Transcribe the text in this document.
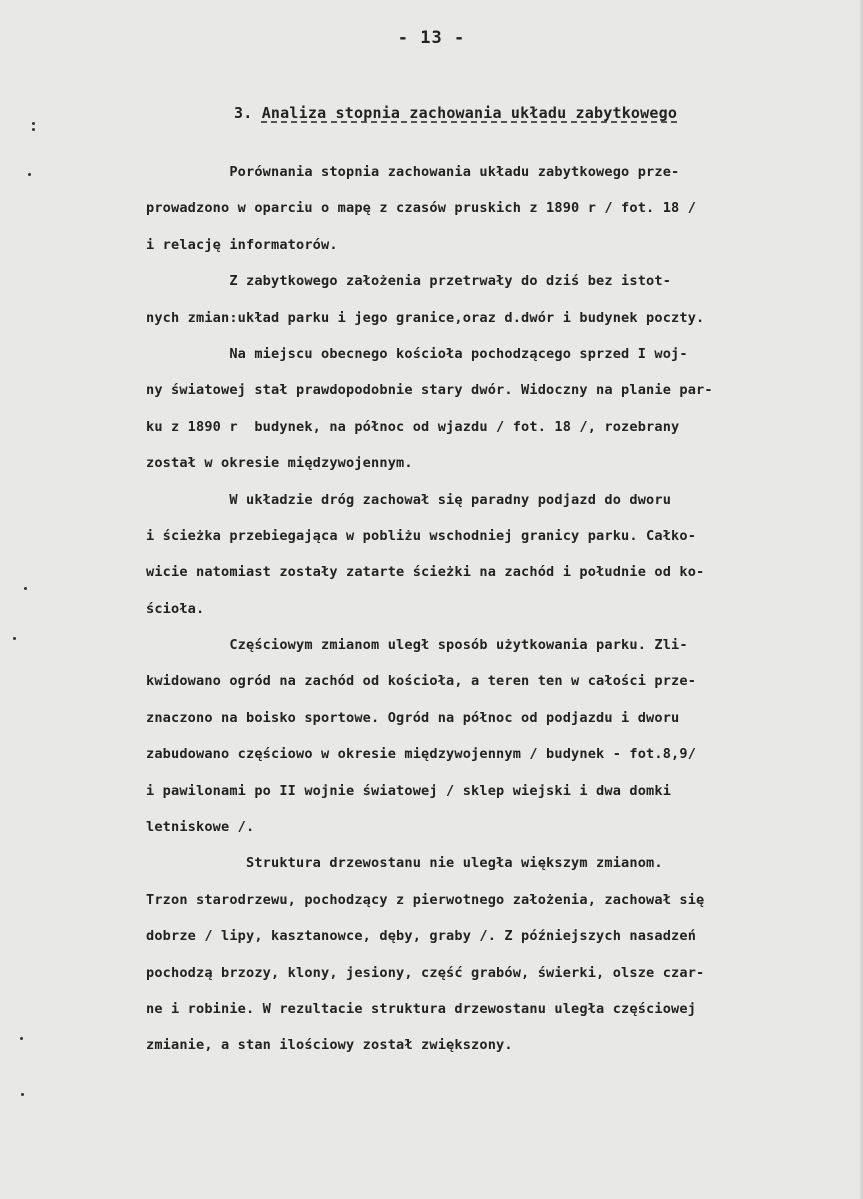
- 13 -
3. Analiza stopnia zachowania układu zabytkowego
Porównania stopnia zachowania układu zabytkowego prze-
prowadzono w oparciu o mapę z czasów pruskich z 1890 r / fot. 18 /
i relację informatorów.
Z zabytkowego założenia przetrwały do dziś bez istot-
nych zmian:układ parku i jego granice,oraz d.dwór i budynek poczty.
Na miejscu obecnego kościoła pochodzącego sprzed I woj-
ny światowej stał prawdopodobnie stary dwór. Widoczny na planie par-
ku z 1890 r  budynek, na północ od wjazdu / fot. 18 /, rozebrany
został w okresie międzywojennym.
W układzie dróg zachował się paradny podjazd do dworu
i ścieżka przebiegająca w pobliżu wschodniej granicy parku. Całko-
wicie natomiast zostały zatarte ścieżki na zachód i południe od ko-
ścioła.
Częściowym zmianom uległ sposób użytkowania parku. Zli-
kwidowano ogród na zachód od kościoła, a teren ten w całości prze-
znaczono na boisko sportowe. Ogród na północ od podjazdu i dworu
zabudowano częściowo w okresie międzywojennym / budynek - fot.8,9/
i pawilonami po II wojnie światowej / sklep wiejski i dwa domki
letniskowe /.
Struktura drzewostanu nie uległa większym zmianom.
Trzon starodrzewu, pochodzący z pierwotnego założenia, zachował się
dobrze / lipy, kasztanowce, dęby, graby /. Z późniejszych nasadzeń
pochodzą brzozy, klony, jesiony, część grabów, świerki, olsze czar-
ne i robinie. W rezultacie struktura drzewostanu uległa częściowej
zmianie, a stan ilościowy został zwiększony.
